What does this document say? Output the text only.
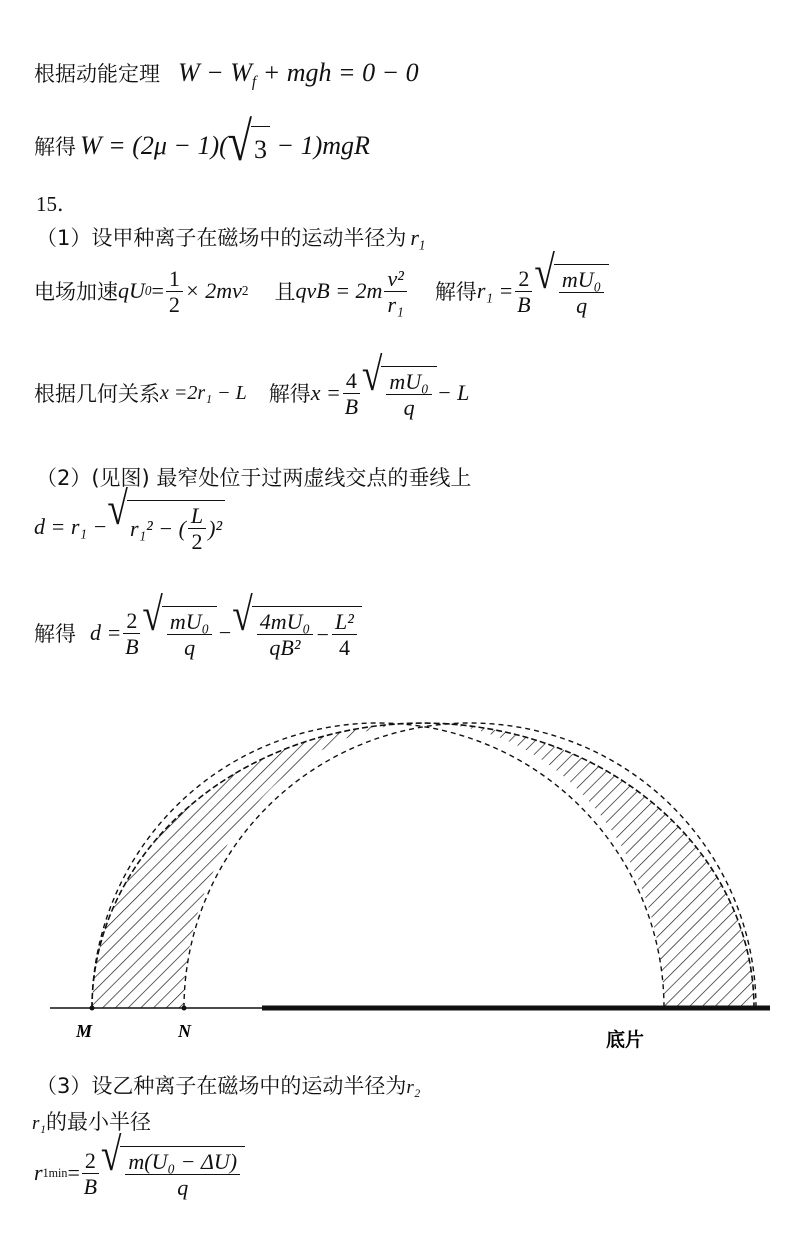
根据动能定理 $W - W_f$ + mgh = 0 − 0
解得 W = (2μ − 1)( √ 3 − 1)mgR
15．
（1）设甲种离子在磁场中的运动半径为 $r_1$
电场加速 qU $0 = \frac{1}{2} \times 2mv$ 2 且 qvB = $2m \frac{\text{v²}}{\text{r₁}}$ 解得 $r_1 = \frac{2}{B}$ √ $\frac{\text{mU₀}}{q}$
根据几何关系 x =2r₁ − L 解得 $x = \frac{4}{B}$ √ $\frac{\text{mU₀}}{q} - L$
（2）(见图) 最窄处位于过两虚线交点的垂线上
d = r₁ − √ r₁² − ( $\frac{L}{2} )^2$
解得 $d = \frac{2}{B}$ √ $\frac{\text{mU₀}}{q}$ − √ $\frac{\text{4mU₀}}{\text{qB²}} - \frac{\text{L²}}{4}$
M	N	底片
（3）设乙种离子在磁场中的运动半径为r₂
r₁的最小半径
r $1\min = \frac{2}{B}$ √ $\frac{\text{m(U₀ − ΔU)}}{q}$
